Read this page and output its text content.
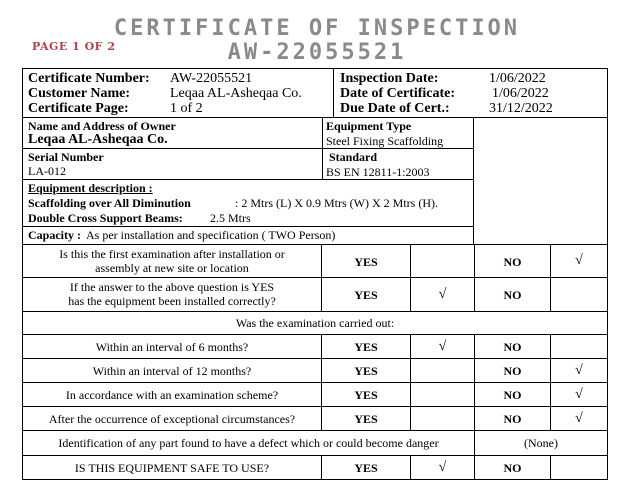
CERTIFICATE OF INSPECTION
AW-22055521
PAGE 1 OF 2
Certificate Number: AW-22055521
Customer Name:	Leqaa AL-Asheqaa Co.
Certificate Page:	1 of 2
Inspection Date:	1/06/2022
Date of Certificate:	1/06/2022
Due Date of Cert.:	31/12/2022
Name and Address of Owner
Leqaa AL-Asheqaa Co.
Equipment Type
Steel Fixing Scaffolding
Serial Number
LA-012
Standard
BS EN 12811-1:2003
Equipment description :
Scaffolding over All Diminution	: 2 Mtrs (L) X 0.9 Mtrs (W) X 2 Mtrs (H).
Double Cross Support Beams: 2.5 Mtrs
Capacity : As per installation and specification ( TWO Person)
Is this the first examination after installation or
assembly at new site or location	YES	NO	√
If the answer to the above question is YES
has the equipment been installed correctly?	YES	√	NO
Was the examination carried out:
Within an interval of 6 months?	YES	√	NO
Within an interval of 12 months?	YES	NO	√
In accordance with an examination scheme?	YES	NO	√
After the occurrence of exceptional circumstances?	YES	NO	√
Identification of any part found to have a defect which or could become danger	(None)
IS THIS EQUIPMENT SAFE TO USE?	YES	√	NO
